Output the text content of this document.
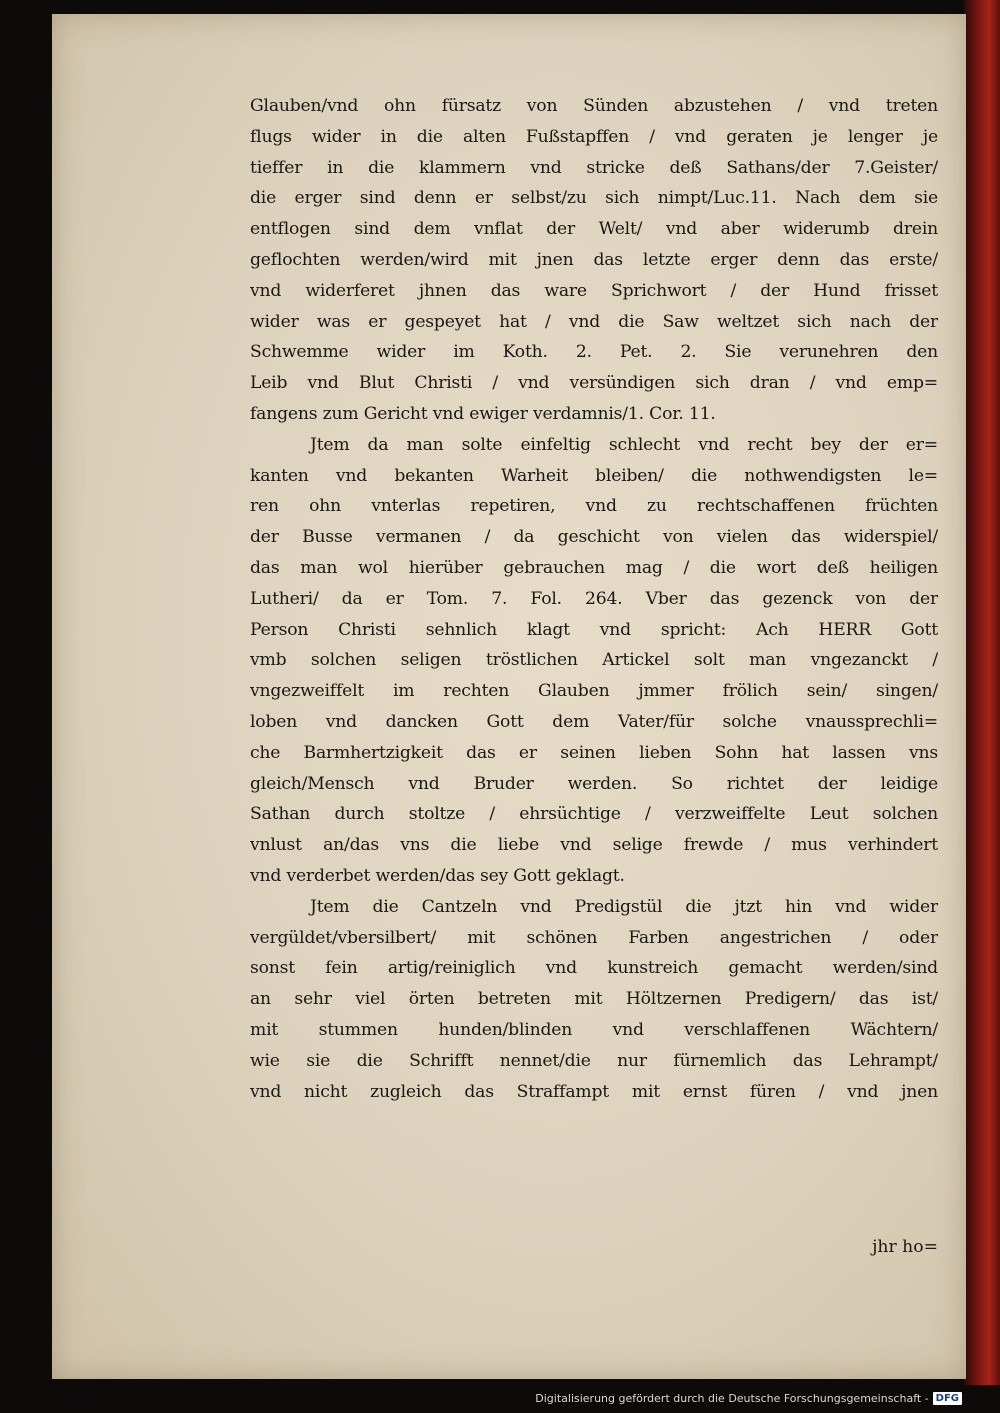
Glauben/vnd ohn fürsatz von Sünden abzustehen / vnd treten
flugs wider in die alten Fußstapffen / vnd geraten je lenger je
tieffer in die klammern vnd stricke deß Sathans/der 7.Geister/
die erger sind denn er selbst/zu sich nimpt/Luc.11. Nach dem sie
entflogen sind dem vnflat der Welt/ vnd aber widerumb drein
geflochten werden/wird mit jnen das letzte erger denn das erste/
vnd widerferet jhnen das ware Sprichwort / der Hund frisset
wider was er gespeyet hat / vnd die Saw weltzet sich nach der
Schwemme wider im Koth. 2. Pet. 2. Sie verunehren den
Leib vnd Blut Christi / vnd versündigen sich dran / vnd emp=
fangens zum Gericht vnd ewiger verdamnis/1. Cor. 11.
Jtem da man solte einfeltig schlecht vnd recht bey der er=
kanten vnd bekanten Warheit bleiben/ die nothwendigsten le=
ren ohn vnterlas repetiren, vnd zu rechtschaffenen früchten
der Busse vermanen / da geschicht von vielen das widerspiel/
das man wol hierüber gebrauchen mag / die wort deß heiligen
Lutheri/ da er Tom. 7. Fol. 264. Vber das gezenck von der
Person Christi sehnlich klagt vnd spricht: Ach HERR Gott
vmb solchen seligen tröstlichen Artickel solt man vngezanckt /
vngezweiffelt im rechten Glauben jmmer frölich sein/ singen/
loben vnd dancken Gott dem Vater/für solche vnaussprechli=
che Barmhertzigkeit das er seinen lieben Sohn hat lassen vns
gleich/Mensch vnd Bruder werden. So richtet der leidige
Sathan durch stoltze / ehrsüchtige / verzweiffelte Leut solchen
vnlust an/das vns die liebe vnd selige frewde / mus verhindert
vnd verderbet werden/das sey Gott geklagt.
Jtem die Cantzeln vnd Predigstül die jtzt hin vnd wider
vergüldet/vbersilbert/ mit schönen Farben angestrichen / oder
sonst fein artig/reiniglich vnd kunstreich gemacht werden/sind
an sehr viel örten betreten mit Höltzernen Predigern/ das ist/
mit stummen hunden/blinden vnd verschlaffenen Wächtern/
wie sie die Schrifft nennet/die nur fürnemlich das Lehrampt/
vnd nicht zugleich das Straffampt mit ernst füren / vnd jnen
jhr ho=
Digitalisierung gefördert durch die Deutsche Forschungsgemeinschaft - DFG
